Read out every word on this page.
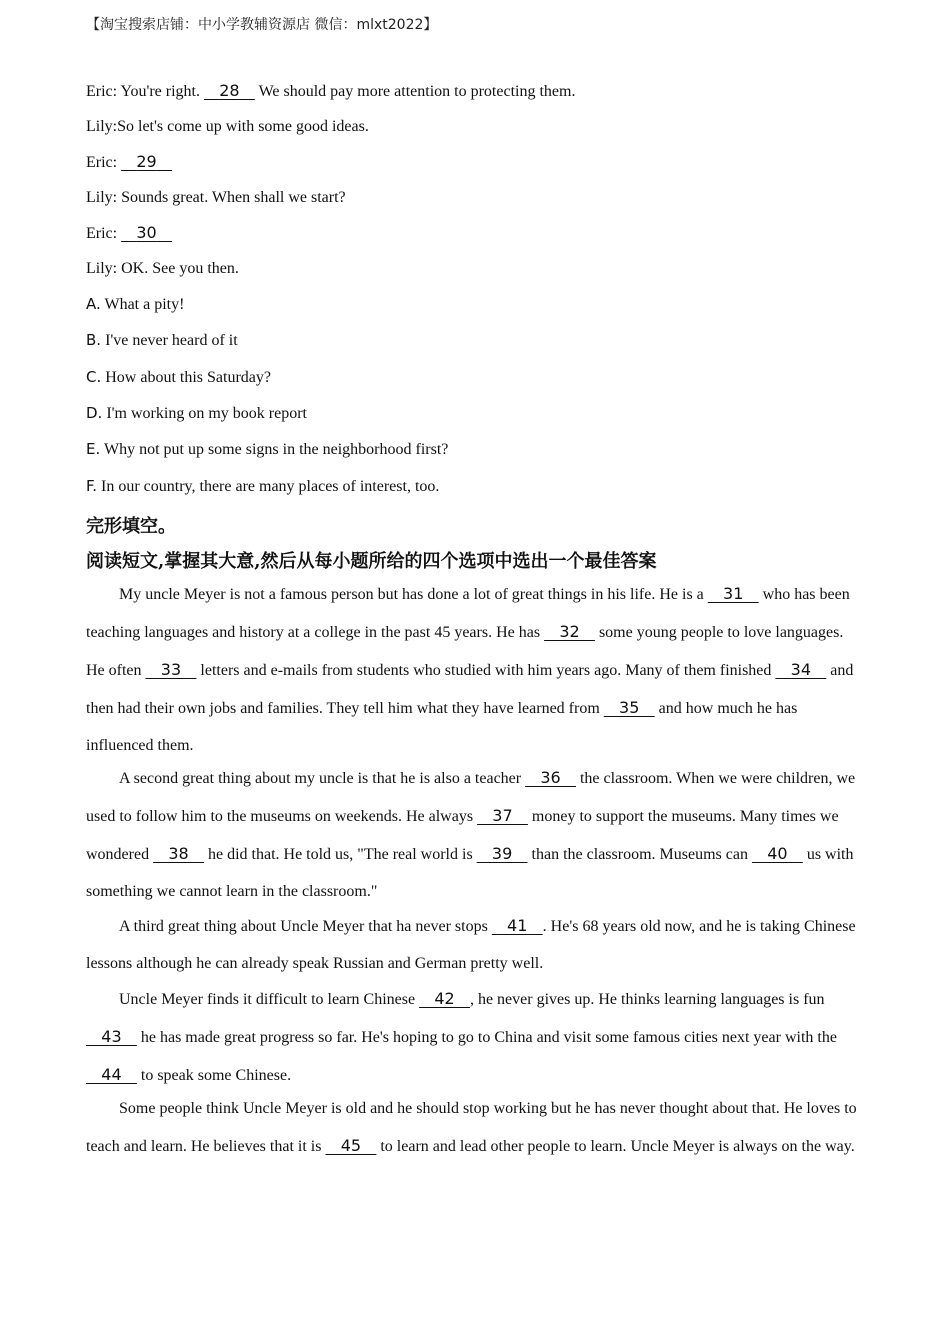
【淘宝搜索店铺：中小学教辅资源店 微信：mlxt2022】
Eric: You're right.    28    We should pay more attention to protecting them.
Lily:So let's come up with some good ideas.
Eric:    29
Lily: Sounds great. When shall we start?
Eric:    30
Lily: OK. See you then.
A. What a pity!
B. I've never heard of it
C. How about this Saturday?
D. I'm working on my book report
E. Why not put up some signs in the neighborhood first?
F. In our country, there are many places of interest, too.
完形填空。
阅读短文,掌握其大意,然后从每小题所给的四个选项中选出一个最佳答案

My uncle Meyer is not a famous person but has done a lot of great things in his life. He is a    31    who has been teaching languages and history at a college in the past 45 years. He has    32    some young people to love languages. He often    33    letters and e-mails from students who studied with him years ago. Many of them finished    34    and then had their own jobs and families. They tell him what they have learned from    35    and how much he has influenced them.

A second great thing about my uncle is that he is also a teacher    36    the classroom. When we were children, we used to follow him to the museums on weekends. He always    37    money to support the museums. Many times we wondered    38    he did that. He told us, "The real world is    39    than the classroom. Museums can    40    us with something we cannot learn in the classroom."

A third great thing about Uncle Meyer that ha never stops    41   . He's 68 years old now, and he is taking Chinese lessons although he can already speak Russian and German pretty well.

Uncle Meyer finds it difficult to learn Chinese    42   , he never gives up. He thinks learning languages is fun    43    he has made great progress so far. He's hoping to go to China and visit some famous cities next year with the    44    to speak some Chinese.

Some people think Uncle Meyer is old and he should stop working but he has never thought about that. He loves to teach and learn. He believes that it is    45    to learn and lead other people to learn. Uncle Meyer is always on the way.
